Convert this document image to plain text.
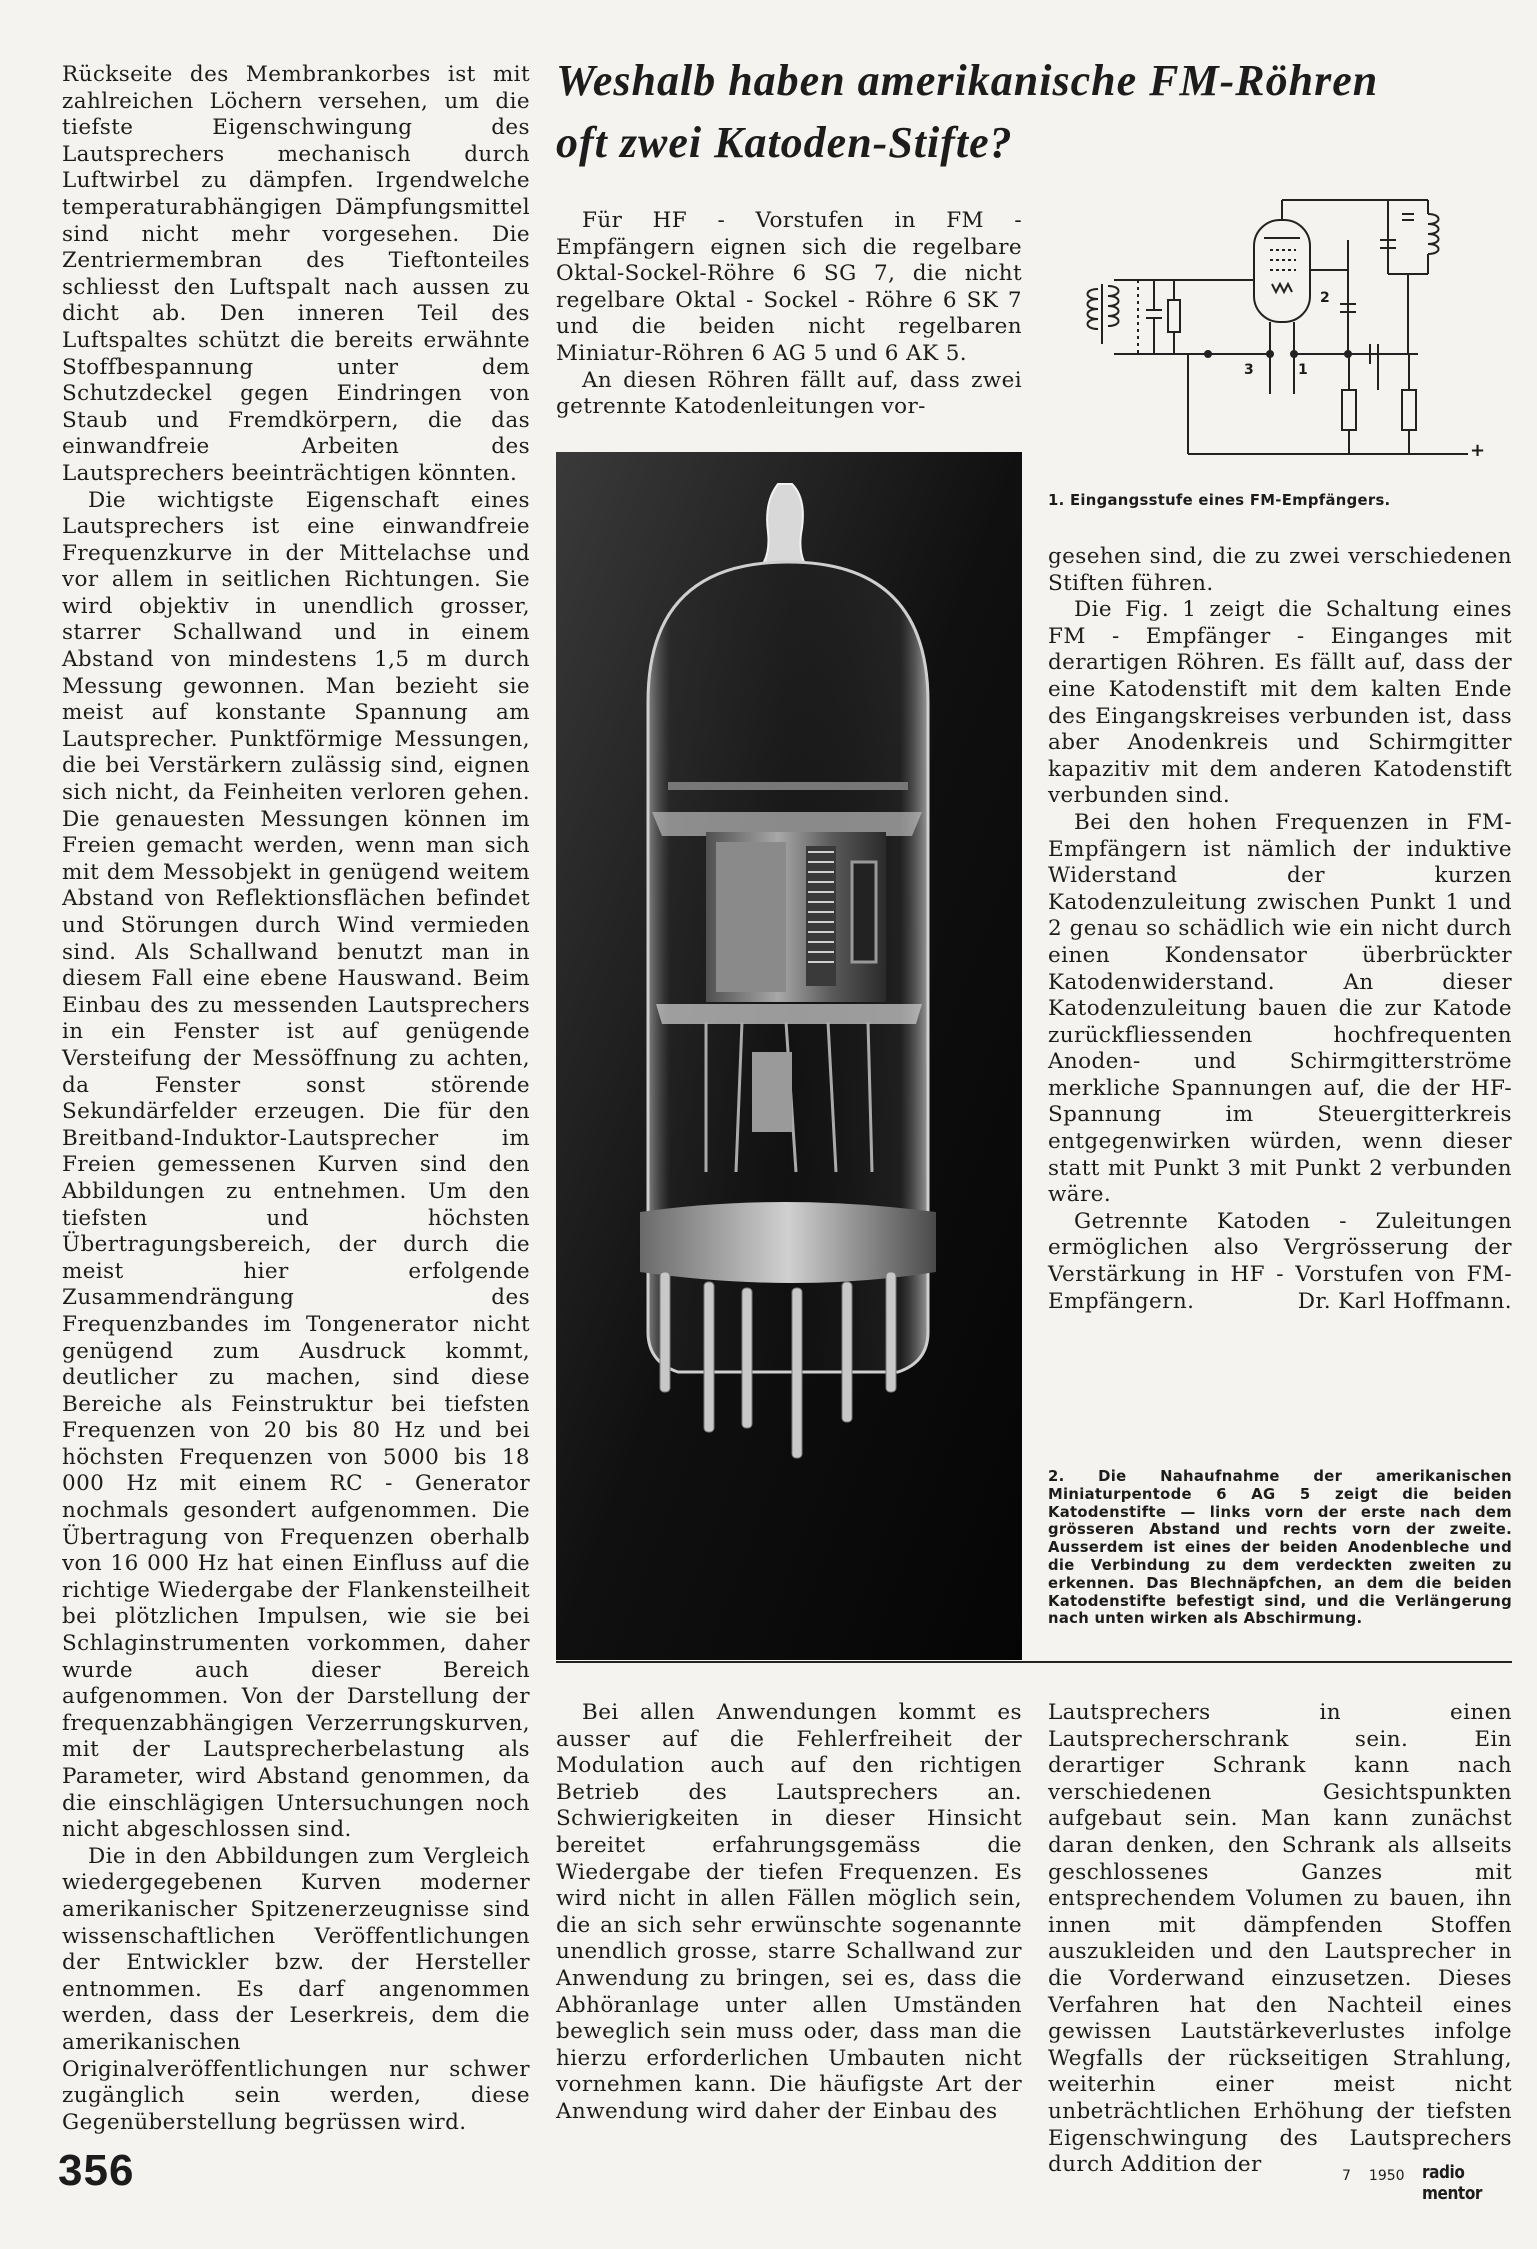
Rückseite des Membrankorbes ist mit zahlreichen Löchern versehen, um die tiefste Eigenschwingung des Lautsprechers mechanisch durch Luftwirbel zu dämpfen. Irgendwelche temperaturabhängigen Dämpfungsmittel sind nicht mehr vorgesehen. Die Zentriermembran des Tieftonteiles schliesst den Luftspalt nach aussen zu dicht ab. Den inneren Teil des Luftspaltes schützt die bereits erwähnte Stoffbespannung unter dem Schutzdeckel gegen Eindringen von Staub und Fremdkörpern, die das einwandfreie Arbeiten des Lautsprechers beeinträchtigen könnten.

Die wichtigste Eigenschaft eines Lautsprechers ist eine einwandfreie Frequenzkurve in der Mittelachse und vor allem in seitlichen Richtungen. Sie wird objektiv in unendlich grosser, starrer Schallwand und in einem Abstand von mindestens 1,5 m durch Messung gewonnen. Man bezieht sie meist auf konstante Spannung am Lautsprecher. Punktförmige Messungen, die bei Verstärkern zulässig sind, eignen sich nicht, da Feinheiten verloren gehen. Die genauesten Messungen können im Freien gemacht werden, wenn man sich mit dem Messobjekt in genügend weitem Abstand von Reflektionsflächen befindet und Störungen durch Wind vermieden sind. Als Schallwand benutzt man in diesem Fall eine ebene Hauswand. Beim Einbau des zu messenden Lautsprechers in ein Fenster ist auf genügende Versteifung der Messöffnung zu achten, da Fenster sonst störende Sekundärfelder erzeugen. Die für den Breitband-Induktor-Lautsprecher im Freien gemessenen Kurven sind den Abbildungen zu entnehmen. Um den tiefsten und höchsten Übertragungsbereich, der durch die meist hier erfolgende Zusammendrängung des Frequenzbandes im Tongenerator nicht genügend zum Ausdruck kommt, deutlicher zu machen, sind diese Bereiche als Feinstruktur bei tiefsten Frequenzen von 20 bis 80 Hz und bei höchsten Frequenzen von 5000 bis 18 000 Hz mit einem RC - Generator nochmals gesondert aufgenommen. Die Übertragung von Frequenzen oberhalb von 16 000 Hz hat einen Einfluss auf die richtige Wiedergabe der Flankensteilheit bei plötzlichen Impulsen, wie sie bei Schlaginstrumenten vorkommen, daher wurde auch dieser Bereich aufgenommen. Von der Darstellung der frequenzabhängigen Verzerrungskurven, mit der Lautsprecherbelastung als Parameter, wird Abstand genommen, da die einschlägigen Untersuchungen noch nicht abgeschlossen sind.

Die in den Abbildungen zum Vergleich wiedergegebenen Kurven moderner amerikanischer Spitzenerzeugnisse sind wissenschaftlichen Veröffentlichungen der Entwickler bzw. der Hersteller entnommen. Es darf angenommen werden, dass der Leserkreis, dem die amerikanischen Originalveröffentlichungen nur schwer zugänglich sein werden, diese Gegenüberstellung begrüssen wird.

Weshalb haben amerikanische FM-Röhren
oft zwei Katoden-Stifte?

Für HF - Vorstufen in FM - Empfängern eignen sich die regelbare Oktal-Sockel-Röhre 6 SG 7, die nicht regelbare Oktal - Sockel - Röhre 6 SK 7 und die beiden nicht regelbaren Miniatur-Röhren 6 AG 5 und 6 AK 5.

An diesen Röhren fällt auf, dass zwei getrennte Katodenleitungen vor-

3	1
2
+
1. Eingangsstufe eines FM-Empfängers.

gesehen sind, die zu zwei verschiedenen Stiften führen.

Die Fig. 1 zeigt die Schaltung eines FM - Empfänger - Einganges mit derartigen Röhren. Es fällt auf, dass der eine Katodenstift mit dem kalten Ende des Eingangskreises verbunden ist, dass aber Anodenkreis und Schirmgitter kapazitiv mit dem anderen Katodenstift verbunden sind.

Bei den hohen Frequenzen in FM-Empfängern ist nämlich der induktive Widerstand der kurzen Katodenzuleitung zwischen Punkt 1 und 2 genau so schädlich wie ein nicht durch einen Kondensator überbrückter Katodenwiderstand. An dieser Katodenzuleitung bauen die zur Katode zurückfliessenden hochfrequenten Anoden- und Schirmgitterströme merkliche Spannungen auf, die der HF-Spannung im Steuergitterkreis entgegenwirken würden, wenn dieser statt mit Punkt 3 mit Punkt 2 verbunden wäre.

Getrennte Katoden - Zuleitungen ermöglichen also Vergrösserung der Verstärkung in HF - Vorstufen von FM-Empfängern.	Dr. Karl Hoffmann.

2. Die Nahaufnahme der amerikanischen Miniaturpentode 6 AG 5 zeigt die beiden Katodenstifte — links vorn der erste nach dem grösseren Abstand und rechts vorn der zweite. Ausserdem ist eines der beiden Anodenbleche und die Verbindung zu dem verdeckten zweiten zu erkennen. Das Blechnäpfchen, an dem die beiden Katodenstifte befestigt sind, und die Verlängerung nach unten wirken als Abschirmung.

Bei allen Anwendungen kommt es ausser auf die Fehlerfreiheit der Modulation auch auf den richtigen Betrieb des Lautsprechers an. Schwierigkeiten in dieser Hinsicht bereitet erfahrungsgemäss die Wiedergabe der tiefen Frequenzen. Es wird nicht in allen Fällen möglich sein, die an sich sehr erwünschte sogenannte unendlich grosse, starre Schallwand zur Anwendung zu bringen, sei es, dass die Abhöranlage unter allen Umständen beweglich sein muss oder, dass man die hierzu erforderlichen Umbauten nicht vornehmen kann. Die häufigste Art der Anwendung wird daher der Einbau des

Lautsprechers in einen Lautsprecherschrank sein. Ein derartiger Schrank kann nach verschiedenen Gesichtspunkten aufgebaut sein. Man kann zunächst daran denken, den Schrank als allseits geschlossenes Ganzes mit entsprechendem Volumen zu bauen, ihn innen mit dämpfenden Stoffen auszukleiden und den Lautsprecher in die Vorderwand einzusetzen. Dieses Verfahren hat den Nachteil eines gewissen Lautstärkeverlustes infolge Wegfalls der rückseitigen Strahlung, weiterhin einer meist nicht unbeträchtlichen Erhöhung der tiefsten Eigenschwingung des Lautsprechers durch Addition der

356	7 1950 radio mentor
